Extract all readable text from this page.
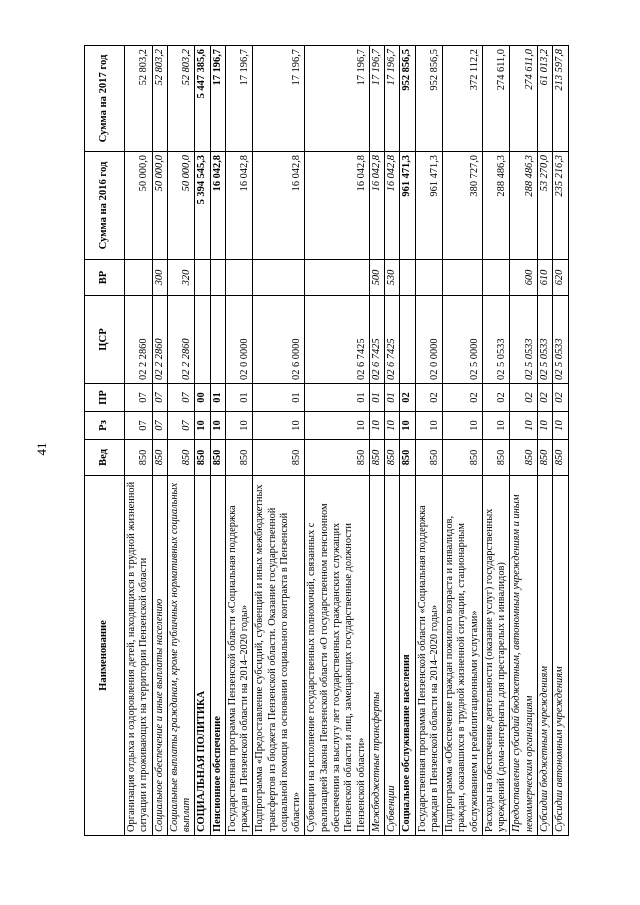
41
Наименование	Вед	Рз	ПР	ЦСР	ВР	Сумма на 2016 год	Сумма на 2017 год
Организация отдыха и оздоровления детей, находящихся в трудной жизненной ситуации и проживающих на территории Пензенской области	850	07	07	02 2 2860		50 000,0	52 803,2
Социальное обеспечение и иные выплаты населению	850	07	07	02 2 2860	300	50 000,0	52 803,2
Социальные выплаты гражданам, кроме публичных нормативных социальных выплат	850	07	07	02 2 2860	320	50 000,0	52 803,2
СОЦИАЛЬНАЯ ПОЛИТИКА	850	10	00			5 394 545,3	5 447 385,6
Пенсионное обеспечение	850	10	01			16 042,8	17 196,7
Государственная программа Пензенской области «Социальная поддержка граждан в Пензенской области на 2014–2020 годы»	850	10	01	02 0 0000		16 042,8	17 196,7
Подпрограмма «Предоставление субсидий, субвенций и иных межбюджетных трансфертов из бюджета Пензенской области. Оказание государственной социальной помощи на основании социального контракта в Пензенской области»	850	10	01	02 6 0000		16 042,8	17 196,7
Субвенции на исполнение государственных полномочий, связанных с реализацией Закона Пензенской области «О государственном пенсионном обеспечении за выслугу лет государственных гражданских служащих Пензенской области и лиц, замещающих государственные должности Пензенской области»	850	10	01	02 6 7425		16 042,8	17 196,7
Межбюджетные трансферты	850	10	01	02 6 7425	500	16 042,8	17 196,7
Субвенции	850	10	01	02 6 7425	530	16 042,8	17 196,7
Социальное обслуживание населения	850	10	02			961 471,3	952 856,5
Государственная программа Пензенской области «Социальная поддержка граждан в Пензенской области на 2014–2020 годы»	850	10	02	02 0 0000		961 471,3	952 856,5
Подпрограмма «Обеспечение граждан пожилого возраста и инвалидов, граждан, оказавшихся в трудной жизненной ситуации, стационарным обслуживанием и реабилитационными услугами»	850	10	02	02 5 0000		380 727,0	372 112,2
Расходы на обеспечение деятельности (оказание услуг) государственных учреждений (дома-интернаты для престарелых и инвалидов)	850	10	02	02 5 0533		288 486,3	274 611,0
Предоставление субсидий бюджетным, автономным учреждениям и иным некоммерческим организациям	850	10	02	02 5 0533	600	288 486,3	274 611,0
Субсидии бюджетным учреждениям	850	10	02	02 5 0533	610	53 270,0	61 013,2
Субсидии автономным учреждениям	850	10	02	02 5 0533	620	235 216,3	213 597,8
